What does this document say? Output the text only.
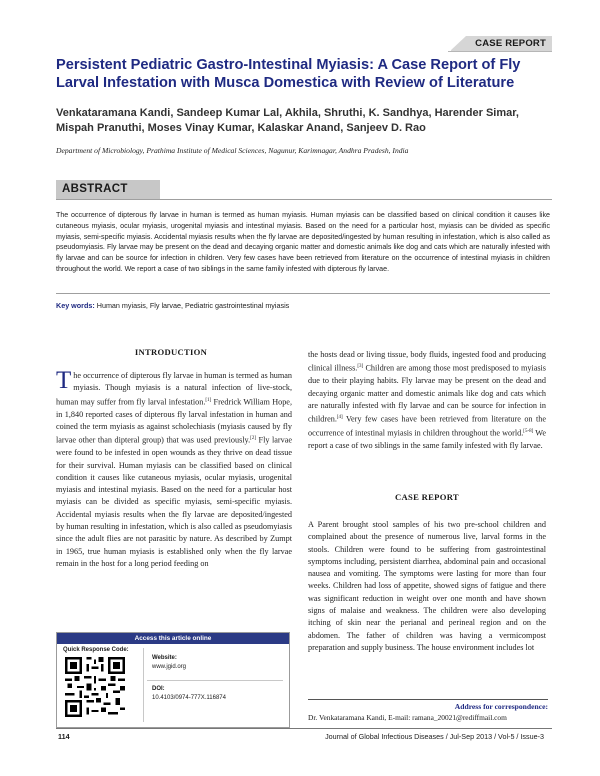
CASE REPORT
Persistent Pediatric Gastro-Intestinal Myiasis: A Case Report of Fly Larval Infestation with Musca Domestica with Review of Literature

Venkataramana Kandi, Sandeep Kumar Lal, Akhila, Shruthi, K. Sandhya, Harender Simar, Mispah Pranuthi, Moses Vinay Kumar, Kalaskar Anand, Sanjeev D. Rao

Department of Microbiology, Prathima Institute of Medical Sciences, Nagunur, Karimnagar, Andhra Pradesh, India

ABSTRACT

The occurrence of dipterous fly larvae in human is termed as human myiasis. Human myiasis can be classified based on clinical condition it causes like cutaneous myiasis, ocular myiasis, urogenital myiasis and intestinal myiasis. Based on the need for a particular host, myiasis can be divided as specific myiasis, semi-specific myiasis. Accidental myiasis results when the fly larvae are deposited/ingested by human resulting in infestation, which is also called as pseudomyiasis. Fly larvae may be present on the dead and decaying organic matter and domestic animals like dog and cats which are naturally infested with fly larvae and can be source for infection in children. Very few cases have been retrieved from literature on the occurrence of intestinal myiasis in children throughout the world. We report a case of two siblings in the same family infested with dipterous fly larvae.

Key words: Human myiasis, Fly larvae, Pediatric gastrointestinal myiasis
INTRODUCTION

The occurrence of dipterous fly larvae in human is termed as human myiasis. Though myiasis is a natural infection of live-stock, human may suffer from fly larval infestation.[1] Fredrick William Hope, in 1,840 reported cases of dipterous fly larval infestation in human and coined the term myiasis as against scholechiasis (myiasis caused by fly larvae other than dipteral group) that was used previously.[2] Fly larvae were found to be infested in open wounds as they thrive on dead tissue for their survival. Human myiasis can be classified based on clinical condition it causes like cutaneous myiasis, ocular myiasis, urogenital myiasis and intestinal myiasis. Based on the need for a particular host myiasis can be divided as specific myiasis, semi-specific myiasis. Accidental myiasis results when the fly larvae are deposited/ingested by human resulting in infestation, which is also called as pseudomyiasis since the adult flies are not parasitic by nature. As described by Zumpt in 1965, true human myiasis is established only when the fly larvae remain in the host for a long period feeding on

the hosts dead or living tissue, body fluids, ingested food and producing clinical illness.[3] Children are among those most predisposed to myiasis due to their playing habits. Fly larvae may be present on the dead and decaying organic matter and domestic animals like dog and cats which are naturally infested with fly larvae and can be source for infection in children.[4] Very few cases have been retrieved from literature on the occurrence of intestinal myiasis in children throughout the world.[5-8] We report a case of two siblings in the same family infested with fly larvae.

CASE REPORT

A Parent brought stool samples of his two pre-school children and complained about the presence of numerous live, larval forms in the stools. Children were found to be suffering from gastrointestinal symptoms including, persistent diarrhea, abdominal pain and occasional nausea and vomiting. The symptoms were lasting for more than four weeks. Children had loss of appetite, showed signs of fatigue and there was significant reduction in weight over one month and have shown signs of malaise and weakness. The children were also developing itching of skin near the perianal and perineal region and on the abdomen. The father of children was having a vermicompost preparation and supply business. The house environment includes lot

Access this article online
Quick Response Code:
Website:
www.jgid.org
DOI:
10.4103/0974-777X.116874
Address for correspondence:
Dr. Venkataramana Kandi, E-mail: ramana_20021@rediffmail.com
114	Journal of Global Infectious Diseases / Jul-Sep 2013 / Vol-5 / Issue-3
